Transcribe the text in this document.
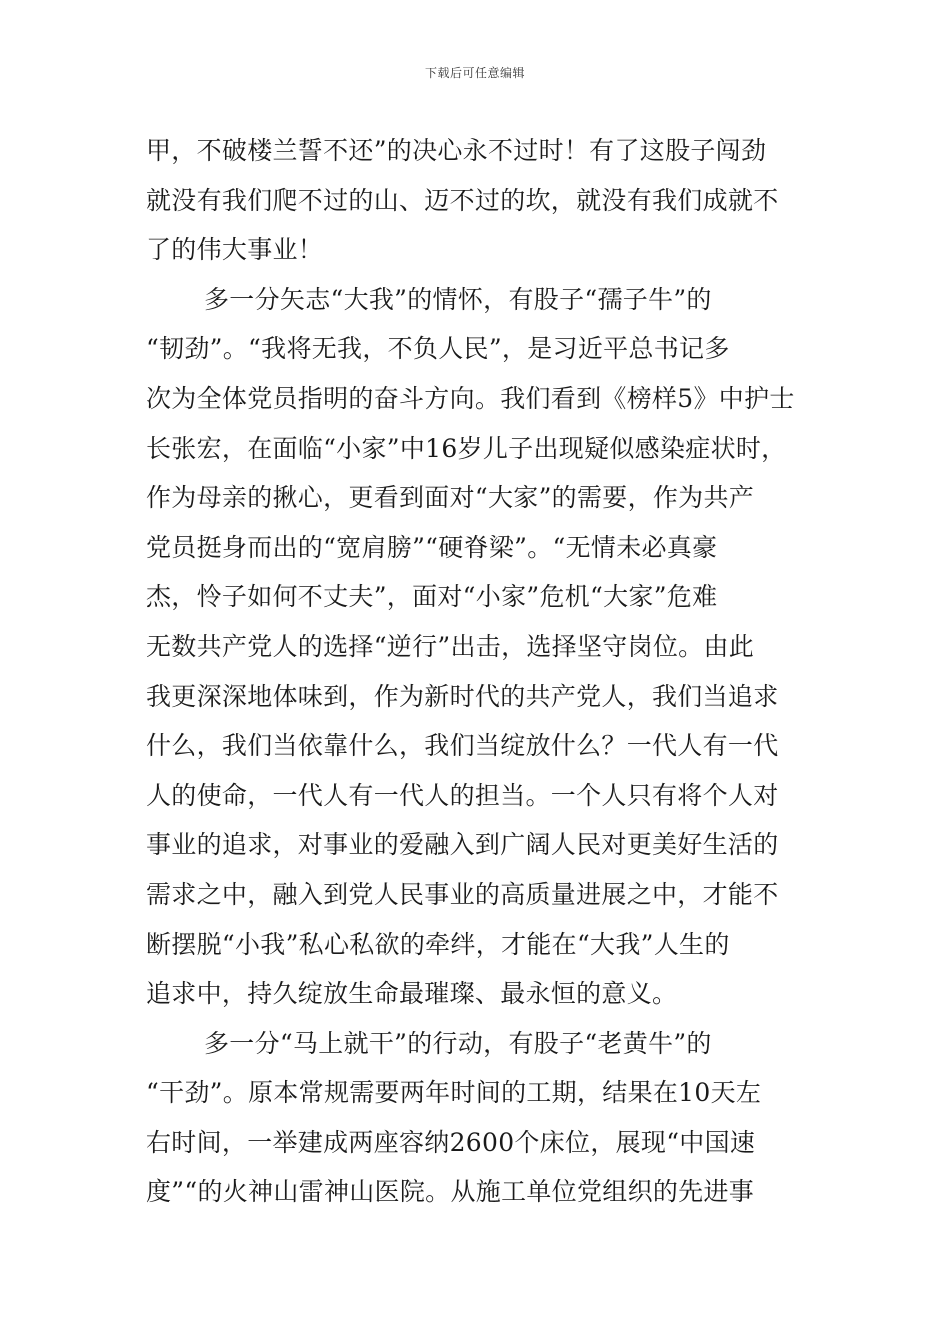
下载后可任意编辑
甲，不破楼兰誓不还”的决心永不过时！有了这股子闯劲
就没有我们爬不过的山、迈不过的坎，就没有我们成就不
了的伟大事业！
多一分矢志“大我”的情怀，有股子“孺子牛”的
“韧劲”。“我将无我，不负人民”，是习近平总书记多
次为全体党员指明的奋斗方向。我们看到《榜样5》中护士
长张宏，在面临“小家”中16岁儿子出现疑似感染症状时，
作为母亲的揪心，更看到面对“大家”的需要，作为共产
党员挺身而出的“宽肩膀”“硬脊梁”。“无情未必真豪
杰，怜子如何不丈夫”，面对“小家”危机“大家”危难
无数共产党人的选择“逆行”出击，选择坚守岗位。由此
我更深深地体味到，作为新时代的共产党人，我们当追求
什么，我们当依靠什么，我们当绽放什么？一代人有一代
人的使命，一代人有一代人的担当。一个人只有将个人对
事业的追求，对事业的爱融入到广阔人民对更美好生活的
需求之中，融入到党人民事业的高质量进展之中，才能不
断摆脱“小我”私心私欲的牵绊，才能在“大我”人生的
追求中，持久绽放生命最璀璨、最永恒的意义。
多一分“马上就干”的行动，有股子“老黄牛”的
“干劲”。原本常规需要两年时间的工期，结果在10天左
右时间，一举建成两座容纳2600个床位，展现“中国速
度”“的火神山雷神山医院。从施工单位党组织的先进事
